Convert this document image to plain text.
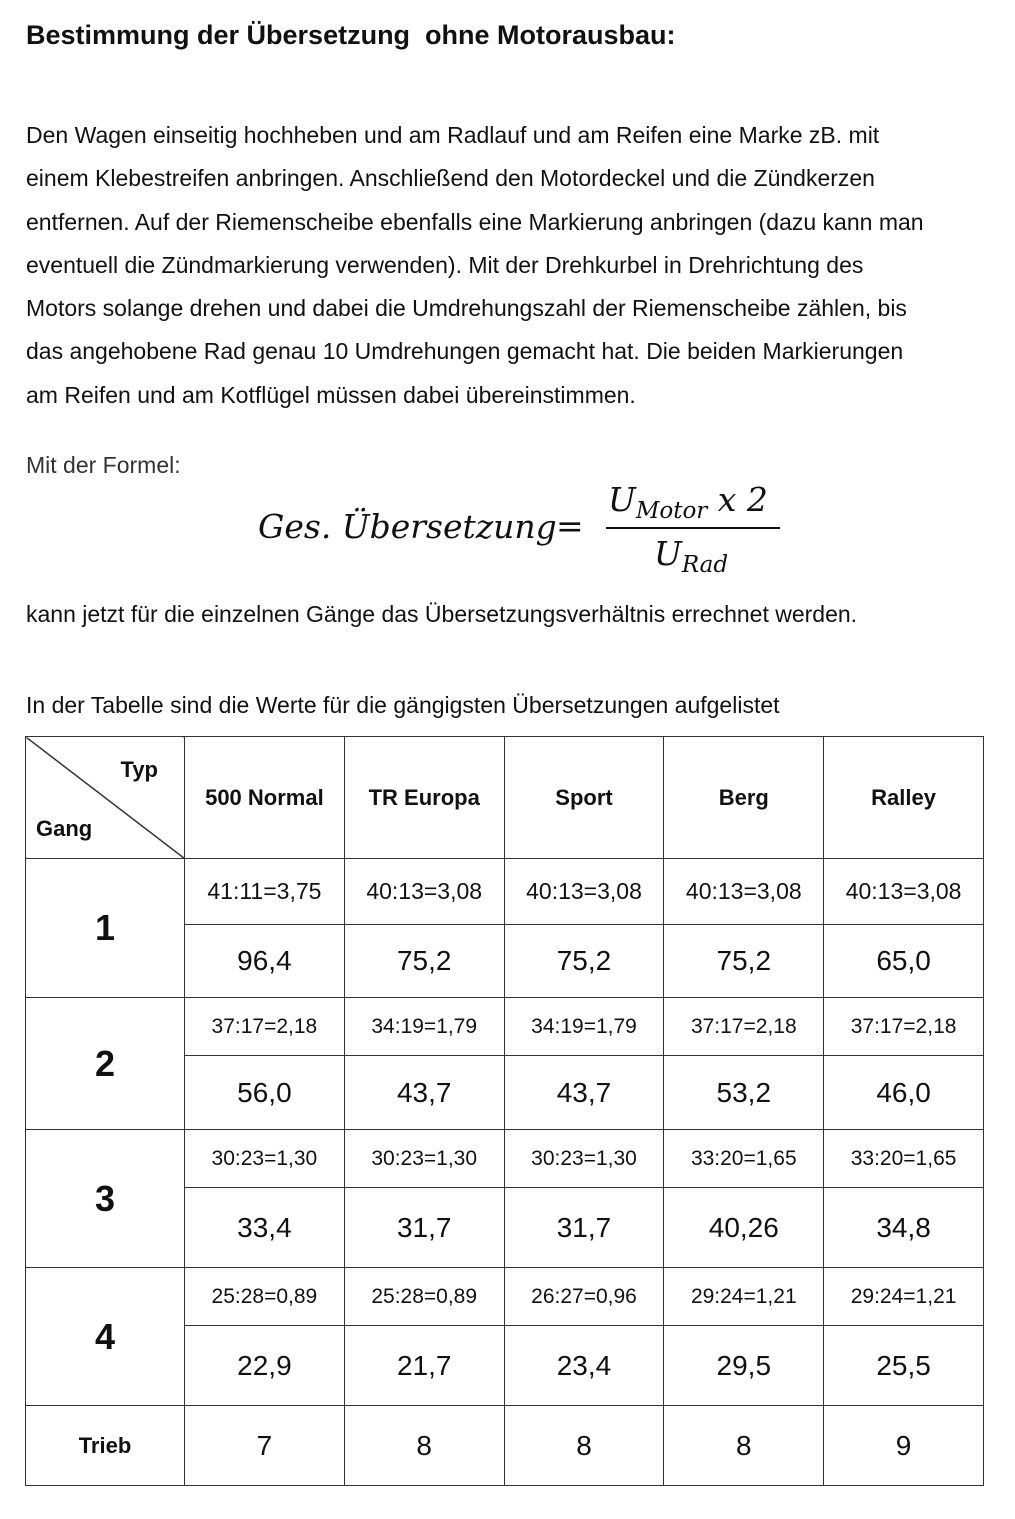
Bestimmung der Übersetzung  ohne Motorausbau:
Den Wagen einseitig hochheben und am Radlauf und am Reifen eine Marke zB. mit
einem Klebestreifen anbringen. Anschließend den Motordeckel und die Zündkerzen
entfernen. Auf der Riemenscheibe ebenfalls eine Markierung anbringen (dazu kann man
eventuell die Zündmarkierung verwenden). Mit der Drehkurbel in Drehrichtung des
Motors solange drehen und dabei die Umdrehungszahl der Riemenscheibe zählen, bis
das angehobene Rad genau 10 Umdrehungen gemacht hat. Die beiden Markierungen
am Reifen und am Kotflügel müssen dabei übereinstimmen.

Mit der Formel:

Ges. Übersetzung =
$U_{Motor}$ x 2
$U_{Rad}$

kann jetzt für die einzelnen Gänge das Übersetzungsverhältnis errechnet werden.

In der Tabelle sind die Werte für die gängigsten Übersetzungen aufgelistet

Typ
Gang	500 Normal	TR Europa	Sport	Berg	Ralley
1	41:11=3,75	40:13=3,08	40:13=3,08	40:13=3,08	40:13=3,08
	96,4	75,2	75,2	75,2	65,0
2	37:17=2,18	34:19=1,79	34:19=1,79	37:17=2,18	37:17=2,18
	56,0	43,7	43,7	53,2	46,0
3	30:23=1,30	30:23=1,30	30:23=1,30	33:20=1,65	33:20=1,65
	33,4	31,7	31,7	40,26	34,8
4	25:28=0,89	25:28=0,89	26:27=0,96	29:24=1,21	29:24=1,21
	22,9	21,7	23,4	29,5	25,5
Trieb	7	8	8	8	9
